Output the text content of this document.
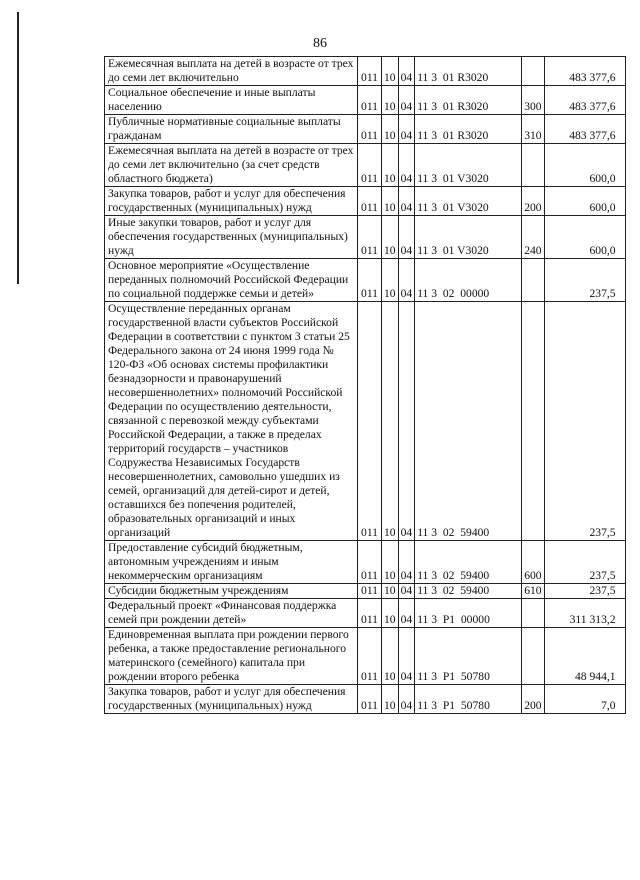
86
Ежемесячная выплата на детей в возрасте от трех до семи лет включительно	011	10	04	11 3  01 R3020		483 377,6
Социальное обеспечение и иные выплаты населению	011	10	04	11 3  01 R3020	300	483 377,6
Публичные нормативные социальные выплаты гражданам	011	10	04	11 3  01 R3020	310	483 377,6
Ежемесячная выплата на детей в возрасте от трех до семи лет включительно (за счет средств областного бюджета)	011	10	04	11 3  01 V3020		600,0
Закупка товаров, работ и услуг для обеспечения государственных (муниципальных) нужд	011	10	04	11 3  01 V3020	200	600,0
Иные закупки товаров, работ и услуг для обеспечения государственных (муниципальных) нужд	011	10	04	11 3  01 V3020	240	600,0
Основное мероприятие «Осуществление переданных полномочий Российской Федерации по социальной поддержке семьи и детей»	011	10	04	11 3  02  00000		237,5
Осуществление переданных органам государственной власти субъектов Российской Федерации в соответствии с пунктом 3 статьи 25 Федерального закона от 24 июня 1999 года № 120-ФЗ «Об основах системы профилактики безнадзорности и правонарушений несовершеннолетних» полномочий Российской Федерации по осуществлению деятельности, связанной с перевозкой между субъектами Российской Федерации, а также в пределах территорий государств – участников Содружества Независимых Государств несовершеннолетних, самовольно ушедших из семей, организаций для детей-сирот и детей, оставшихся без попечения родителей, образовательных организаций и иных организаций	011	10	04	11 3  02  59400		237,5
Предоставление субсидий бюджетным, автономным учреждениям и иным некоммерческим организациям	011	10	04	11 3  02  59400	600	237,5
Субсидии бюджетным учреждениям	011	10	04	11 3  02  59400	610	237,5
Федеральный проект «Финансовая поддержка семей при рождении детей»	011	10	04	11 3  P1  00000		311 313,2
Единовременная выплата при рождении первого ребенка, а также предоставление регионального материнского (семейного) капитала при рождении второго ребенка	011	10	04	11 3  P1  50780		48 944,1
Закупка товаров, работ и услуг для обеспечения государственных (муниципальных) нужд	011	10	04	11 3  P1  50780	200	7,0
